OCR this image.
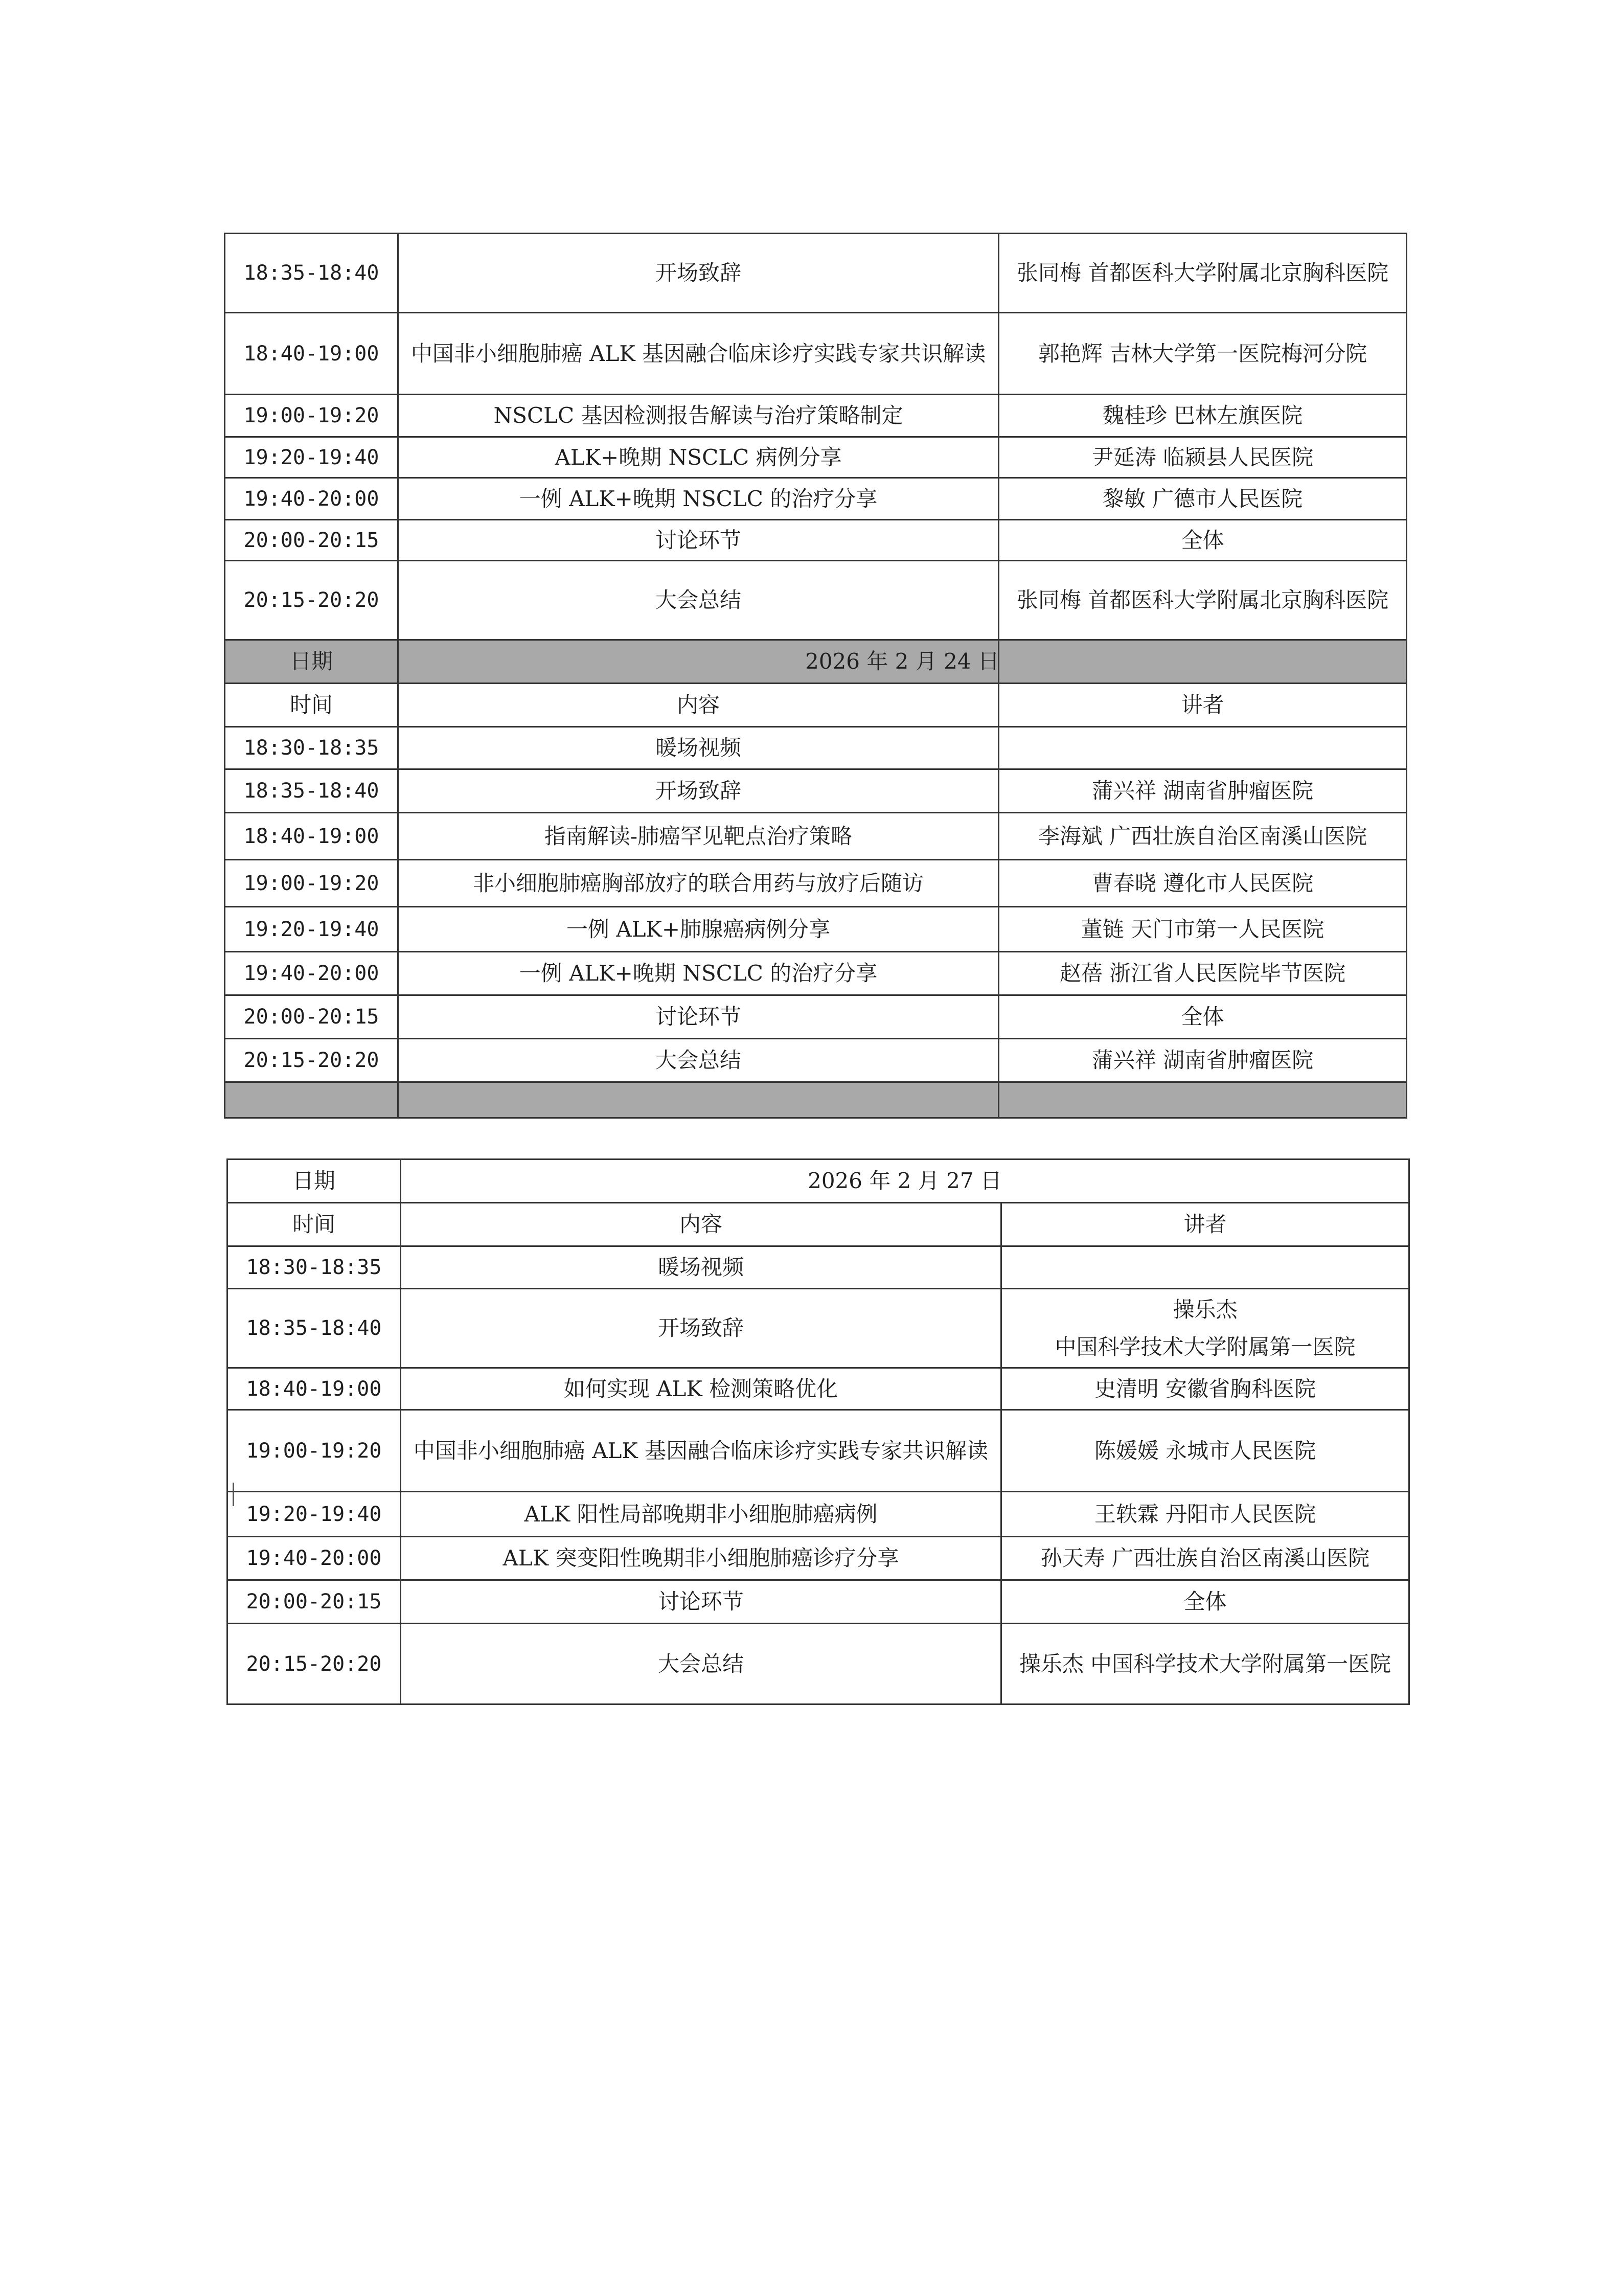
18:35-18:40	开场致辞	张同梅 首都医科大学附属北京胸科医院
18:40-19:00	中国非小细胞肺癌 ALK 基因融合临床诊疗实践专家共识解读	郭艳辉 吉林大学第一医院梅河分院
19:00-19:20	NSCLC 基因检测报告解读与治疗策略制定	魏桂珍 巴林左旗医院
19:20-19:40	ALK+晚期 NSCLC 病例分享	尹延涛 临颍县人民医院
19:40-20:00	一例 ALK+晚期 NSCLC 的治疗分享	黎敏 广德市人民医院
20:00-20:15	讨论环节	全体
20:15-20:20	大会总结	张同梅 首都医科大学附属北京胸科医院

日期	2026 年 2 月 24 日	
时间	内容	讲者
18:30-18:35	暖场视频	
18:35-18:40	开场致辞	蒲兴祥 湖南省肿瘤医院
18:40-19:00	指南解读-肺癌罕见靶点治疗策略	李海斌 广西壮族自治区南溪山医院
19:00-19:20	非小细胞肺癌胸部放疗的联合用药与放疗后随访	曹春晓 遵化市人民医院
19:20-19:40	一例 ALK+肺腺癌病例分享	董链 天门市第一人民医院
19:40-20:00	一例 ALK+晚期 NSCLC 的治疗分享	赵蓓 浙江省人民医院毕节医院
20:00-20:15	讨论环节	全体
20:15-20:20	大会总结	蒲兴祥 湖南省肿瘤医院

日期	2026 年 2 月 27 日	
时间	内容	讲者
18:30-18:35	暖场视频	
18:35-18:40	开场致辞	操乐杰
中国科学技术大学附属第一医院
18:40-19:00	如何实现 ALK 检测策略优化	史清明 安徽省胸科医院
19:00-19:20	中国非小细胞肺癌 ALK 基因融合临床诊疗实践专家共识解读	陈媛媛 永城市人民医院
19:20-19:40	ALK 阳性局部晚期非小细胞肺癌病例	王轶霖 丹阳市人民医院
19:40-20:00	ALK 突变阳性晚期非小细胞肺癌诊疗分享	孙天寿 广西壮族自治区南溪山医院
20:00-20:15	讨论环节	全体
20:15-20:20	大会总结	操乐杰 中国科学技术大学附属第一医院
